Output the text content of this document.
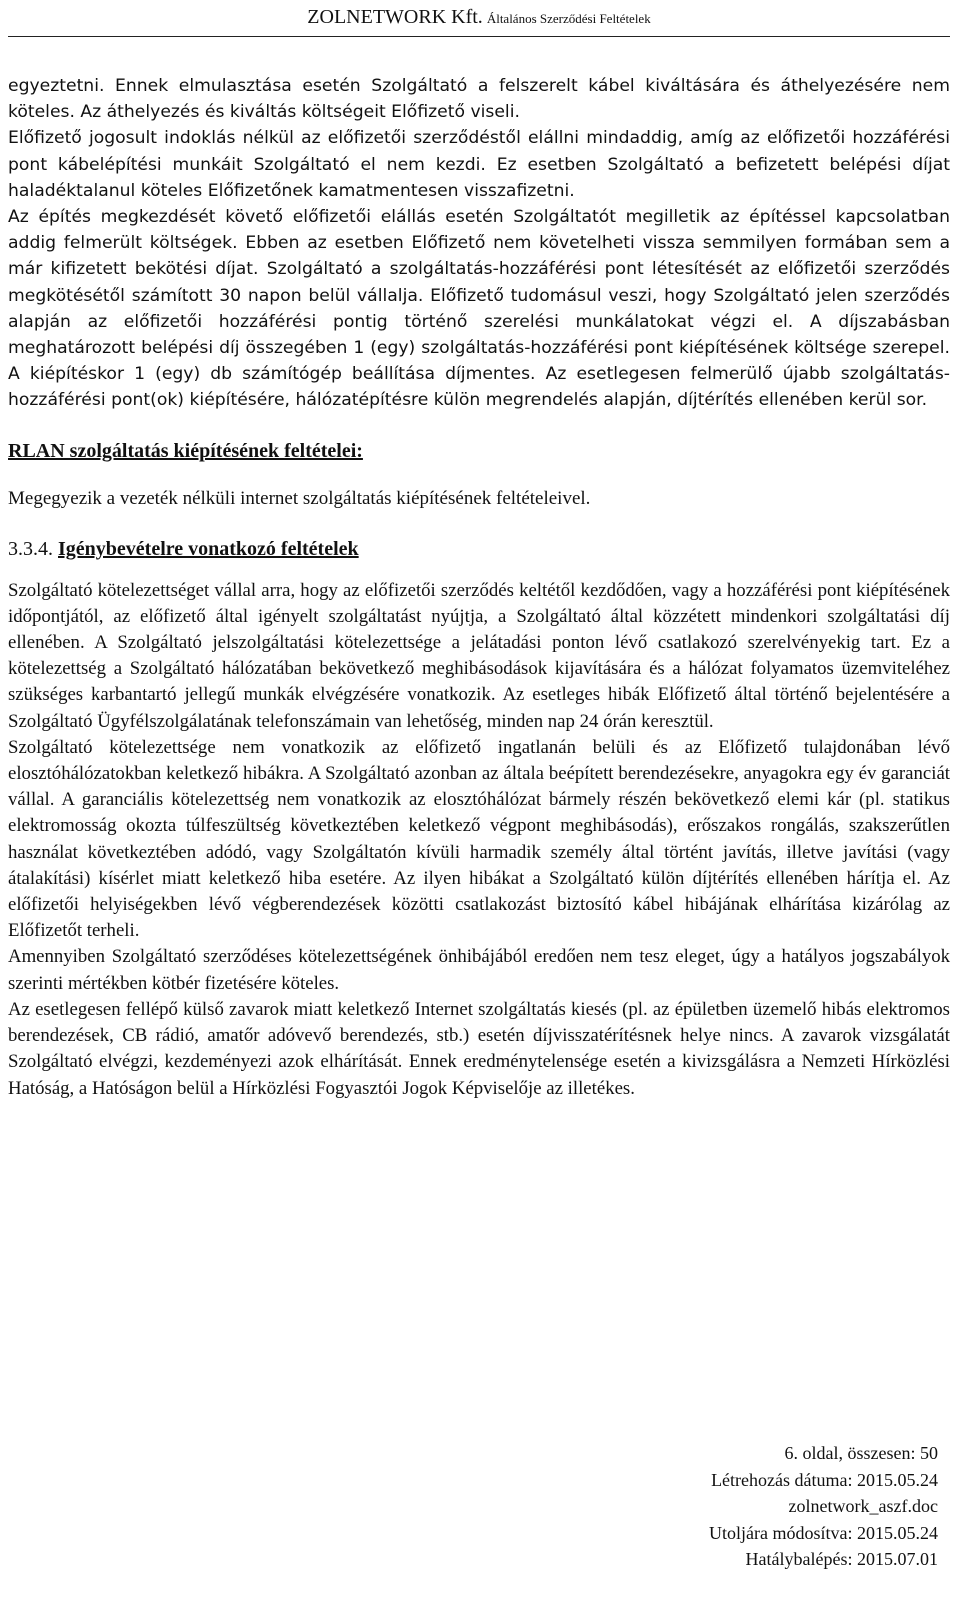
ZOLNETWORK Kft. Általános Szerződési Feltételek

egyeztetni. Ennek elmulasztása esetén Szolgáltató a felszerelt kábel kiváltására és áthelyezésére nem köteles. Az áthelyezés és kiváltás költségeit Előfizető viseli.

Előfizető jogosult indoklás nélkül az előfizetői szerződéstől elállni mindaddig, amíg az előfizetői hozzáférési pont kábelépítési munkáit Szolgáltató el nem kezdi. Ez esetben Szolgáltató a befizetett belépési díjat haladéktalanul köteles Előfizetőnek kamatmentesen visszafizetni.

Az építés megkezdését követő előfizetői elállás esetén Szolgáltatót megilletik az építéssel kapcsolatban addig felmerült költségek. Ebben az esetben Előfizető nem követelheti vissza semmilyen formában sem a már kifizetett bekötési díjat. Szolgáltató a szolgáltatás-hozzáférési pont létesítését az előfizetői szerződés megkötésétől számított 30 napon belül vállalja. Előfizető tudomásul veszi, hogy Szolgáltató jelen szerződés alapján az előfizetői hozzáférési pontig történő szerelési munkálatokat végzi el. A díjszabásban meghatározott belépési díj összegében 1 (egy) szolgáltatás-hozzáférési pont kiépítésének költsége szerepel. A kiépítéskor 1 (egy) db számítógép beállítása díjmentes. Az esetlegesen felmerülő újabb szolgáltatás-hozzáférési pont(ok) kiépítésére, hálózatépítésre külön megrendelés alapján, díjtérítés ellenében kerül sor.

RLAN szolgáltatás kiépítésének feltételei:
Megegyezik a vezeték nélküli internet szolgáltatás kiépítésének feltételeivel.
3.3.4. Igénybevételre vonatkozó feltételek

Szolgáltató kötelezettséget vállal arra, hogy az előfizetői szerződés keltétől kezdődően, vagy a hozzáférési pont kiépítésének időpontjától, az előfizető által igényelt szolgáltatást nyújtja, a Szolgáltató által közzétett mindenkori szolgáltatási díj ellenében. A Szolgáltató jelszolgáltatási kötelezettsége a jelátadási ponton lévő csatlakozó szerelvényekig tart. Ez a kötelezettség a Szolgáltató hálózatában bekövetkező meghibásodások kijavítására és a hálózat folyamatos üzemviteléhez szükséges karbantartó jellegű munkák elvégzésére vonatkozik. Az esetleges hibák Előfizető által történő bejelentésére a Szolgáltató Ügyfélszolgálatának telefonszámain van lehetőség, minden nap 24 órán keresztül.

Szolgáltató kötelezettsége nem vonatkozik az előfizető ingatlanán belüli és az Előfizető tulajdonában lévő elosztóhálózatokban keletkező hibákra. A Szolgáltató azonban az általa beépített berendezésekre, anyagokra egy év garanciát vállal. A garanciális kötelezettség nem vonatkozik az elosztóhálózat bármely részén bekövetkező elemi kár (pl. statikus elektromosság okozta túlfeszültség következtében keletkező végpont meghibásodás), erőszakos rongálás, szakszerűtlen használat következtében adódó, vagy Szolgáltatón kívüli harmadik személy által történt javítás, illetve javítási (vagy átalakítási) kísérlet miatt keletkező hiba esetére. Az ilyen hibákat a Szolgáltató külön díjtérítés ellenében hárítja el. Az előfizetői helyiségekben lévő végberendezések közötti csatlakozást biztosító kábel hibájának elhárítása kizárólag az Előfizetőt terheli.

Amennyiben Szolgáltató szerződéses kötelezettségének önhibájából eredően nem tesz eleget, úgy a hatályos jogszabályok szerinti mértékben kötbér fizetésére köteles.

Az esetlegesen fellépő külső zavarok miatt keletkező Internet szolgáltatás kiesés (pl. az épületben üzemelő hibás elektromos berendezések, CB rádió, amatőr adóvevő berendezés, stb.) esetén díjvisszatérítésnek helye nincs. A zavarok vizsgálatát Szolgáltató elvégzi, kezdeményezi azok elhárítását. Ennek eredménytelensége esetén a kivizsgálásra a Nemzeti Hírközlési Hatóság, a Hatóságon belül a Hírközlési Fogyasztói Jogok Képviselője az illetékes.

6. oldal, összesen: 50
Létrehozás dátuma: 2015.05.24
zolnetwork_aszf.doc
Utoljára módosítva: 2015.05.24
Hatálybalépés: 2015.07.01
